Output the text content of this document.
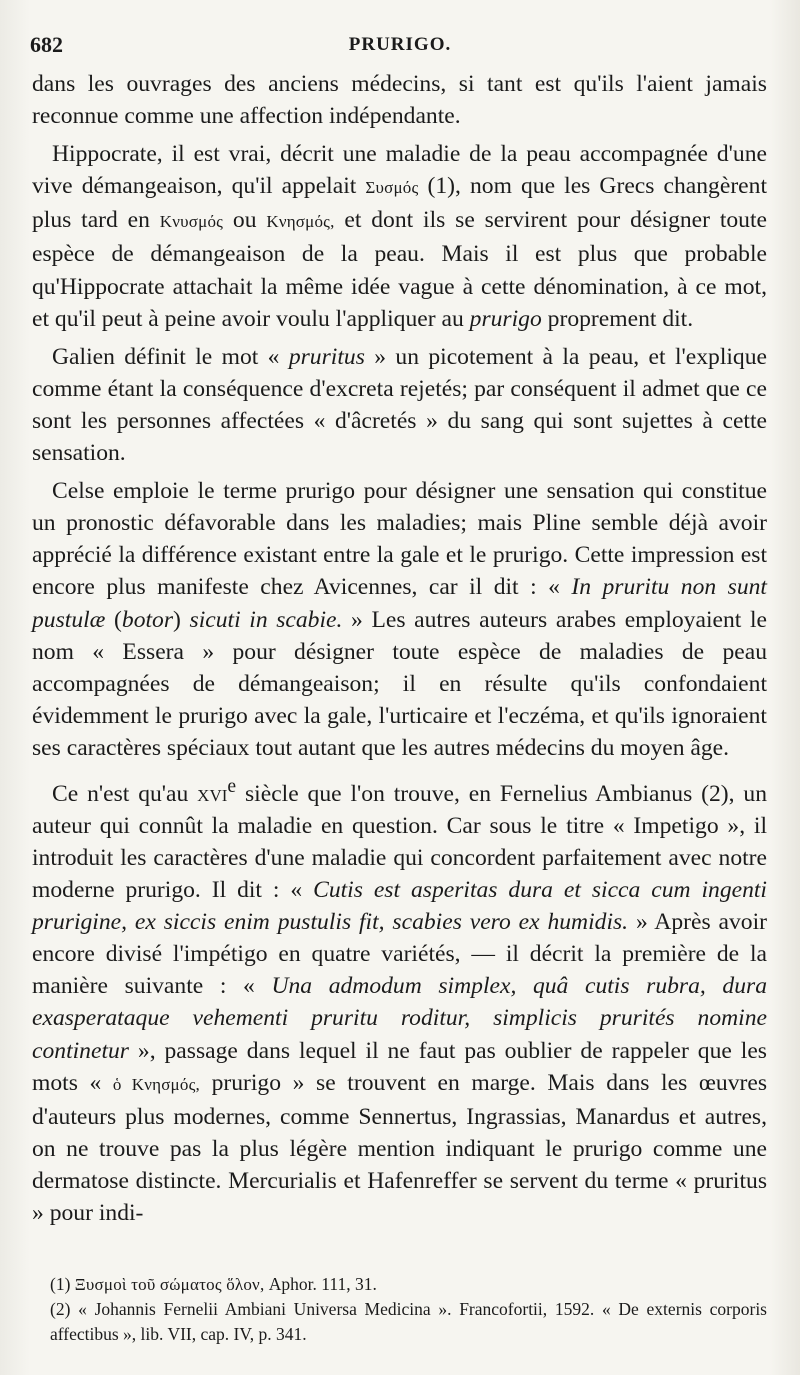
682	PRURIGO.

dans les ouvrages des anciens médecins, si tant est qu'ils l'aient jamais reconnue comme une affection indépendante.

Hippocrate, il est vrai, décrit une maladie de la peau accompagnée d'une vive démangeaison, qu'il appelait Συσμός (1), nom que les Grecs changèrent plus tard en Κνυσμός ou Κνησμός, et dont ils se servirent pour désigner toute espèce de démangeaison de la peau. Mais il est plus que probable qu'Hippocrate attachait la même idée vague à cette dénomination, à ce mot, et qu'il peut à peine avoir voulu l'appliquer au prurigo proprement dit.

Galien définit le mot « pruritus » un picotement à la peau, et l'explique comme étant la conséquence d'excreta rejetés; par conséquent il admet que ce sont les personnes affectées « d'âcretés » du sang qui sont sujettes à cette sensation.

Celse emploie le terme prurigo pour désigner une sensation qui constitue un pronostic défavorable dans les maladies; mais Pline semble déjà avoir apprécié la différence existant entre la gale et le prurigo. Cette impression est encore plus manifeste chez Avicennes, car il dit : « In pruritu non sunt pustulæ (botor) sicuti in scabie. » Les autres auteurs arabes employaient le nom « Essera » pour désigner toute espèce de maladies de peau accompagnées de démangeaison; il en résulte qu'ils confondaient évidemment le prurigo avec la gale, l'urticaire et l'eczéma, et qu'ils ignoraient ses caractères spéciaux tout autant que les autres médecins du moyen âge.

Ce n'est qu'au xvi$^e$ siècle que l'on trouve, en Fernelius Ambianus (2), un auteur qui connût la maladie en question. Car sous le titre « Impetigo », il introduit les caractères d'une maladie qui concordent parfaitement avec notre moderne prurigo. Il dit : « Cutis est asperitas dura et sicca cum ingenti prurigine, ex siccis enim pustulis fit, scabies vero ex humidis. » Après avoir encore divisé l'impétigo en quatre variétés, — il décrit la première de la manière suivante : « Una admodum simplex, quâ cutis rubra, dura exasperataque vehementi pruritu roditur, simplicis prurités nomine continetur », passage dans lequel il ne faut pas oublier de rappeler que les mots « ὁ Κνησμός, prurigo » se trouvent en marge. Mais dans les œuvres d'auteurs plus modernes, comme Sennertus, Ingrassias, Manardus et autres, on ne trouve pas la plus légère mention indiquant le prurigo comme une dermatose distincte. Mercurialis et Hafenreffer se servent du terme « pruritus » pour indi-

(1) Ξυσμοὶ τοῦ σώματος ὅλον, Aphor. 111, 31.

(2) « Johannis Fernelii Ambiani Universa Medicina ». Francofortii, 1592. « De externis corporis affectibus », lib. VII, cap. IV, p. 341.
